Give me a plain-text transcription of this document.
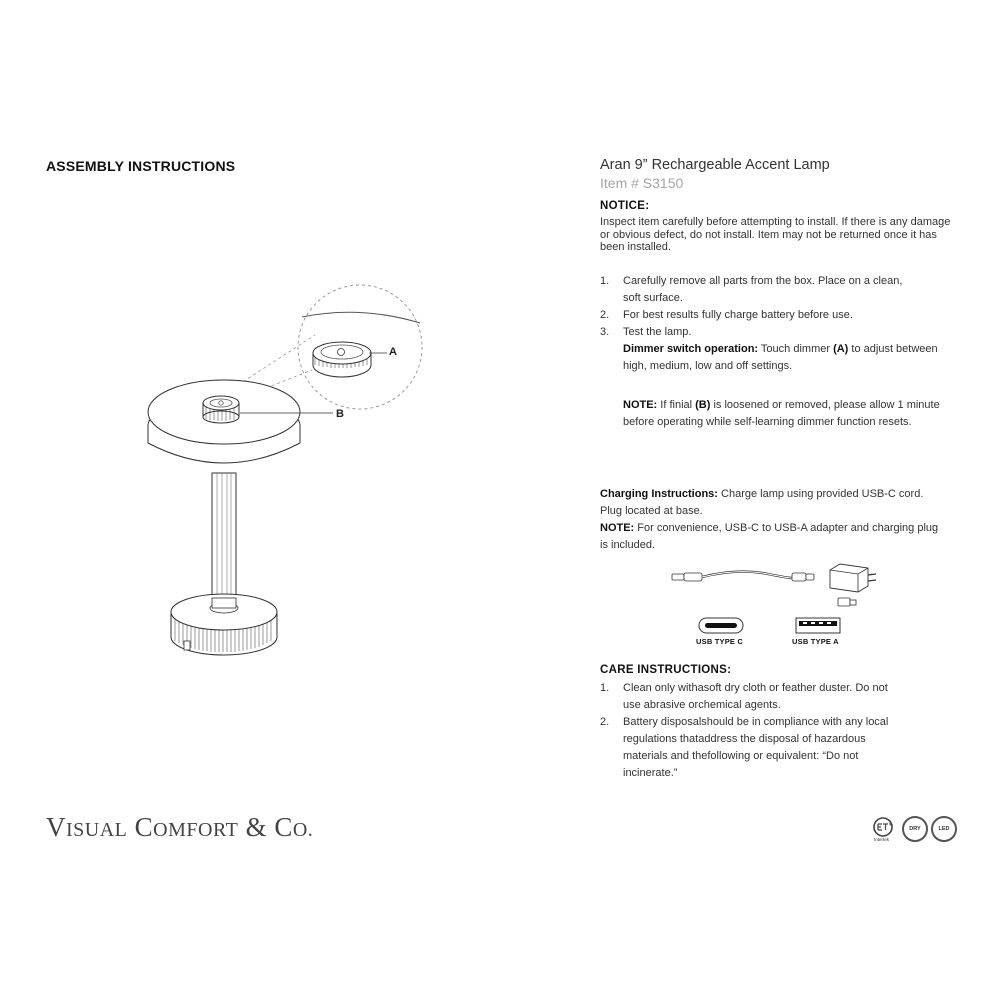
ASSEMBLY INSTRUCTIONS
A
B
Aran 9” Rechargeable Accent Lamp
Item # S3150
NOTICE:
Inspect item carefully before attempting to install. If there is any damage or obvious defect, do not install. Item may not be returned once it has been installed.
1.	Carefully remove all parts from the box. Place on a clean,
soft surface.
2.	For best results fully charge battery before use.
3.	Test the lamp.
Dimmer switch operation: Touch dimmer (A) to adjust between high, medium, low and off settings.
NOTE: If finial (B) is loosened or removed, please allow 1 minute before operating while self-learning dimmer function resets.
Charging Instructions: Charge lamp using provided USB-C cord. Plug located at base.
NOTE: For convenience, USB-C to USB-A adapter and charging plug is included.
USB TYPE C	USB TYPE A
CARE INSTRUCTIONS:
1.	Clean only withasoft dry cloth or feather duster. Do not
use abrasive orchemical agents.
2.	Battery disposalshould be in compliance with any local
regulations thataddress the disposal of hazardous
materials and thefollowing or equivalent: “Do not
incinerate.”
VISUAL COMFORT & CO.	Intertek
DRY	LED
